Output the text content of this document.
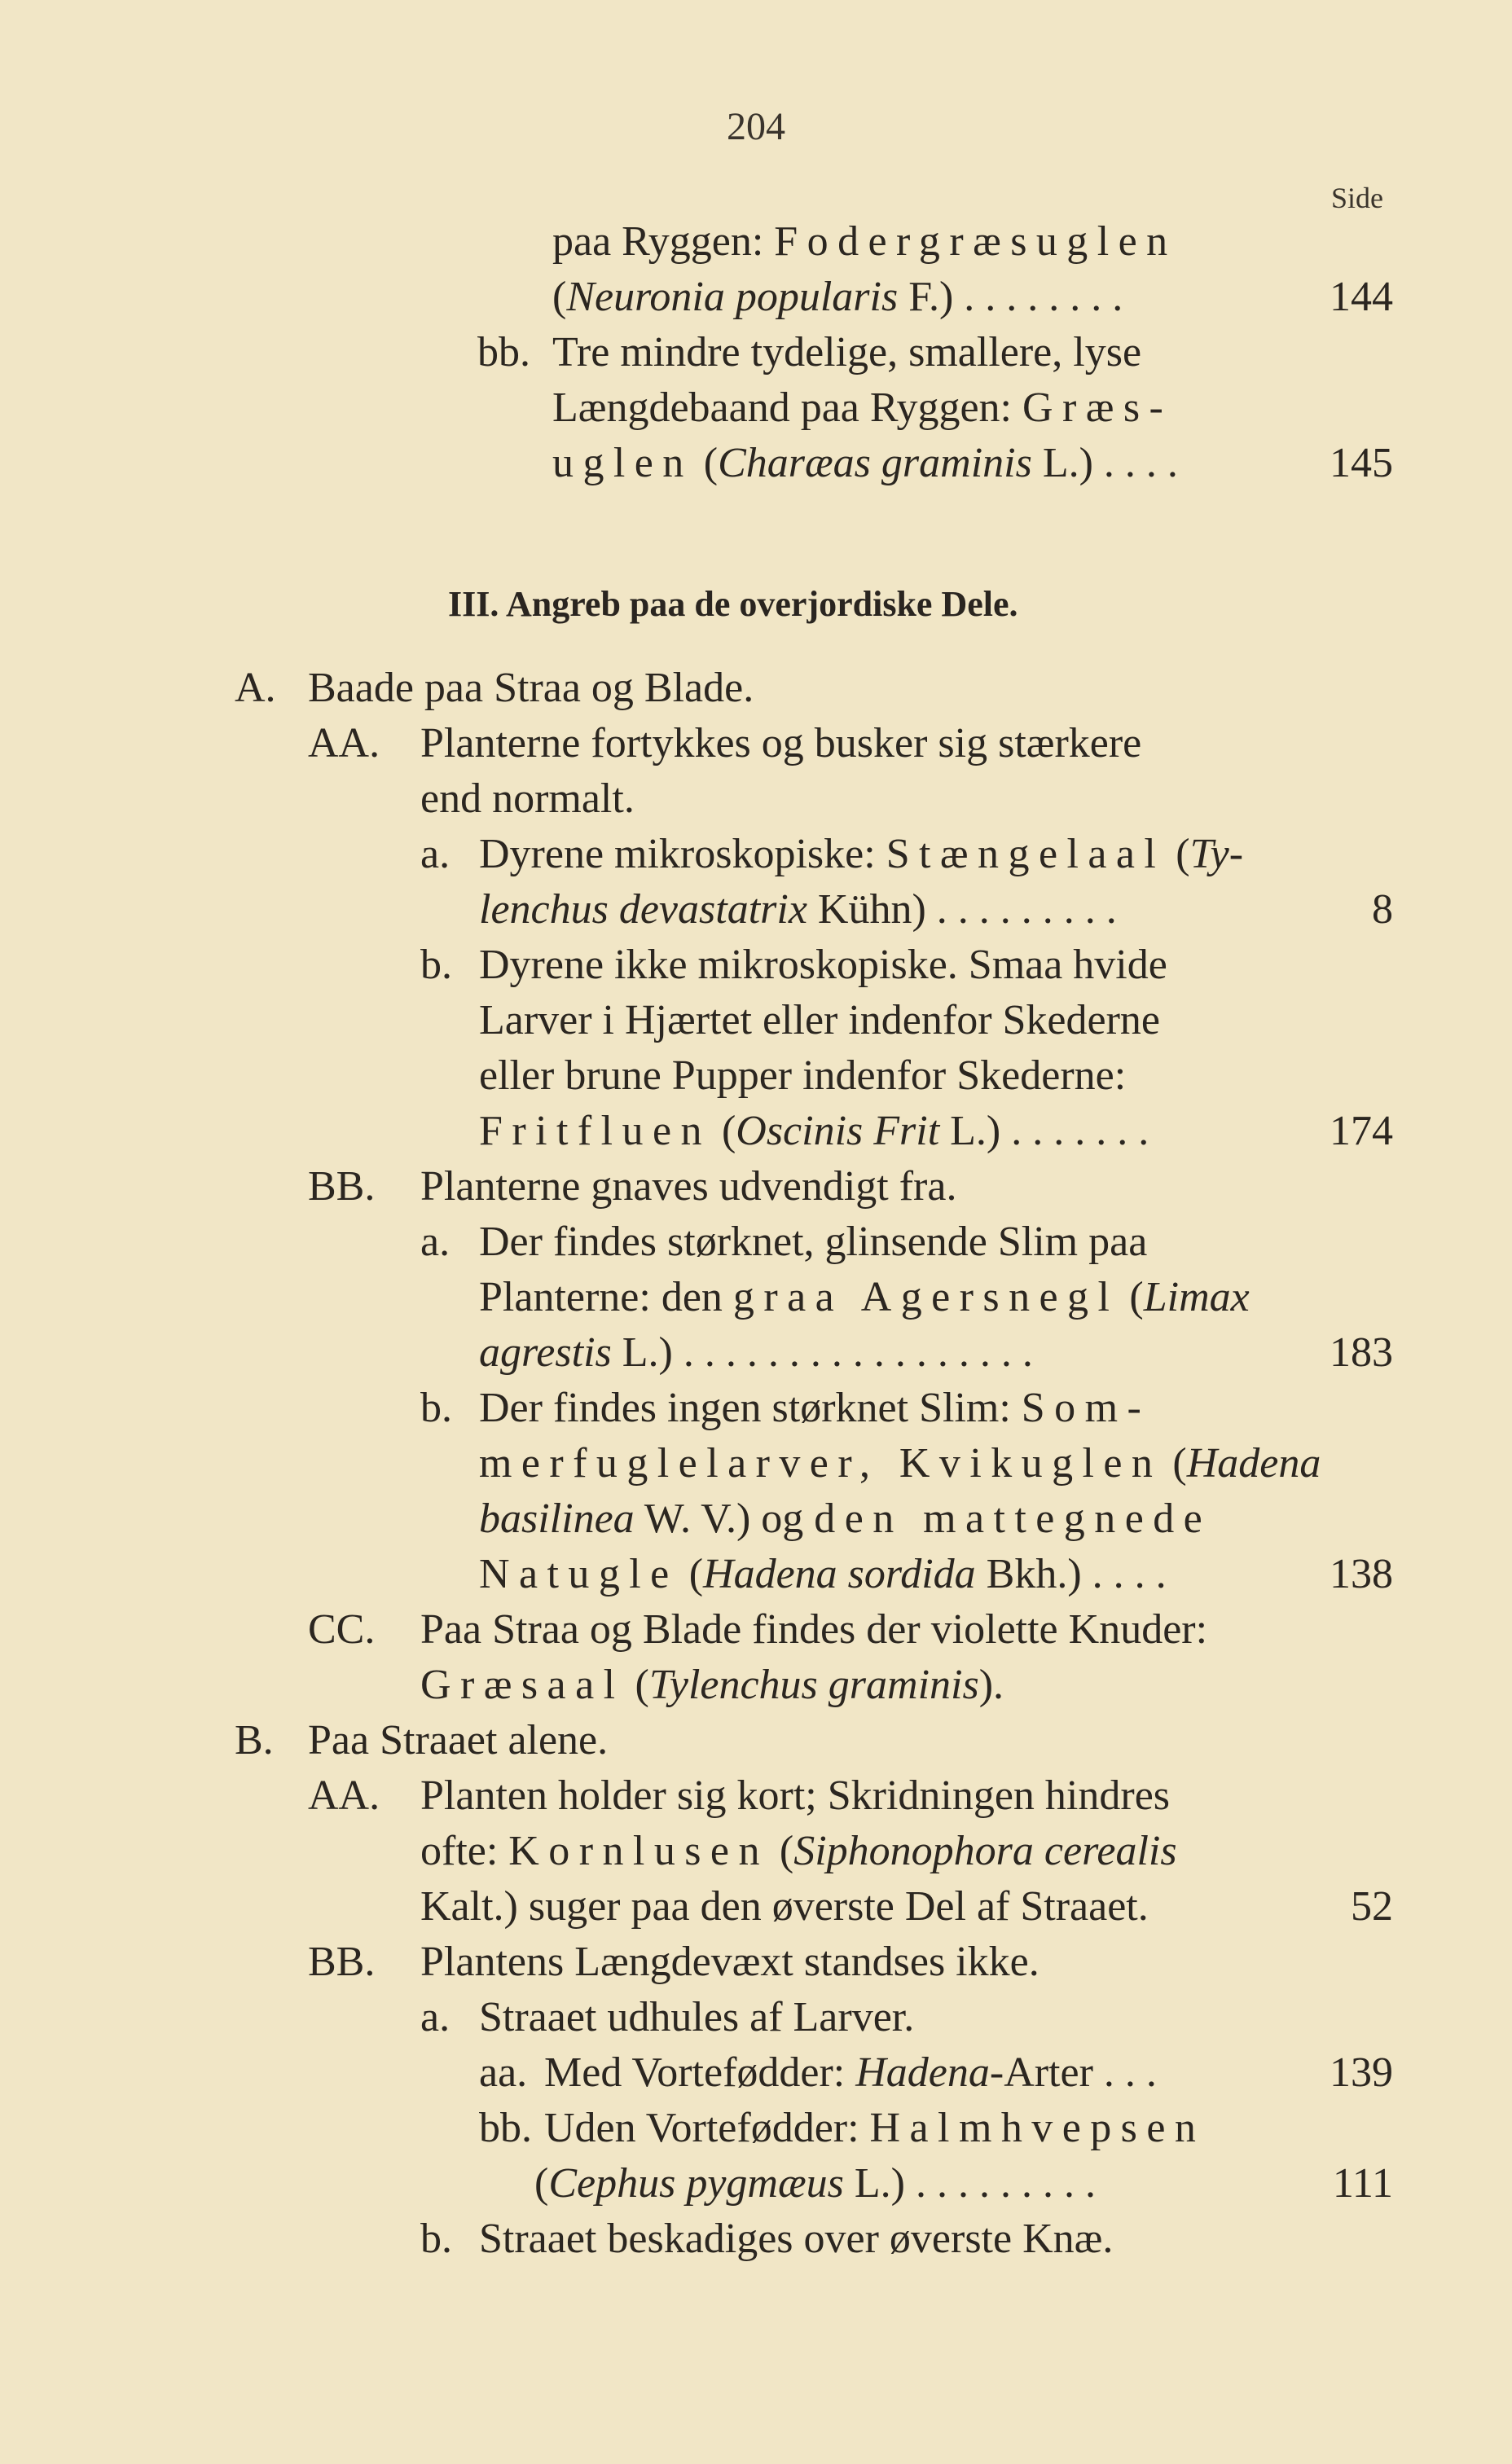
204
Side
paa Ryggen: Fodergræsuglen
(Neuronia popularis F.) . . . . . . . .
bb. Tre mindre tydelige, smallere, lyse
Længdebaand paa Ryggen: Græs-
uglen (Charæas graminis L.) . . . .
III. Angreb paa de overjordiske Dele.
A. Baade paa Straa og Blade.
AA. Planterne fortykkes og busker sig stærkere
end normalt.
a. Dyrene mikroskopiske: Stængelaal (Ty-
lenchus devastatrix Kühn) . . . . . . . . .
b. Dyrene ikke mikroskopiske. Smaa hvide
Larver i Hjærtet eller indenfor Skederne
eller brune Pupper indenfor Skederne:
Fritfluen (Oscinis Frit L.) . . . . . . .
BB. Planterne gnaves udvendigt fra.
a. Der findes størknet, glinsende Slim paa
Planterne: den graa Agersnegl (Limax
agrestis L.) . . . . . . . . . . . . . . . . .
b. Der findes ingen størknet Slim: Som-
merfuglelarver, Kvikuglen (Hadena
basilinea W. V.) og den mattegnede
Natugle (Hadena sordida Bkh.) . . . .
CC. Paa Straa og Blade findes der violette Knuder:
Græsaal (Tylenchus graminis).
B. Paa Straaet alene.
AA. Planten holder sig kort; Skridningen hindres
ofte: Kornlusen (Siphonophora cerealis
Kalt.) suger paa den øverste Del af Straaet.
BB. Plantens Længdevæxt standses ikke.
a. Straaet udhules af Larver.
aa. Med Vortefødder: Hadena-Arter . . .
bb. Uden Vortefødder: Halmhvepsen
(Cephus pygmæus L.) . . . . . . . . .
b. Straaet beskadiges over øverste Knæ.
144
145
8
174
183
138
52
139
111
